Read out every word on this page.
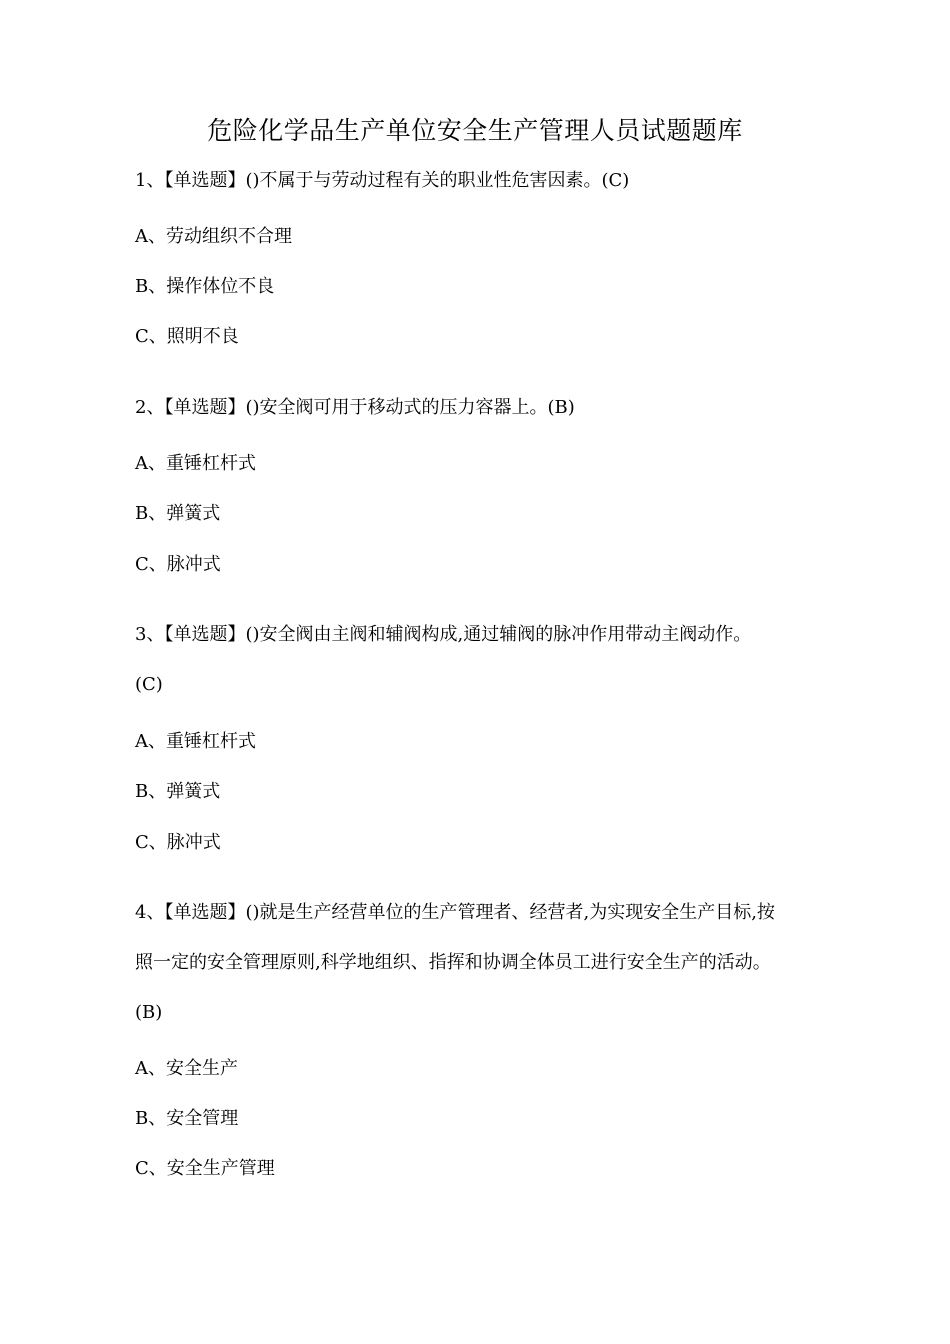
危险化学品生产单位安全生产管理人员试题题库
1、【单选题】()不属于与劳动过程有关的职业性危害因素。(C)
A、劳动组织不合理
B、操作体位不良
C、照明不良
2、【单选题】()安全阀可用于移动式的压力容器上。(B)
A、重锤杠杆式
B、弹簧式
C、脉冲式
3、【单选题】()安全阀由主阀和辅阀构成,通过辅阀的脉冲作用带动主阀动作。
(C)
A、重锤杠杆式
B、弹簧式
C、脉冲式
4、【单选题】()就是生产经营单位的生产管理者、经营者,为实现安全生产目标,按
照一定的安全管理原则,科学地组织、指挥和协调全体员工进行安全生产的活动。
(B)
A、安全生产
B、安全管理
C、安全生产管理
